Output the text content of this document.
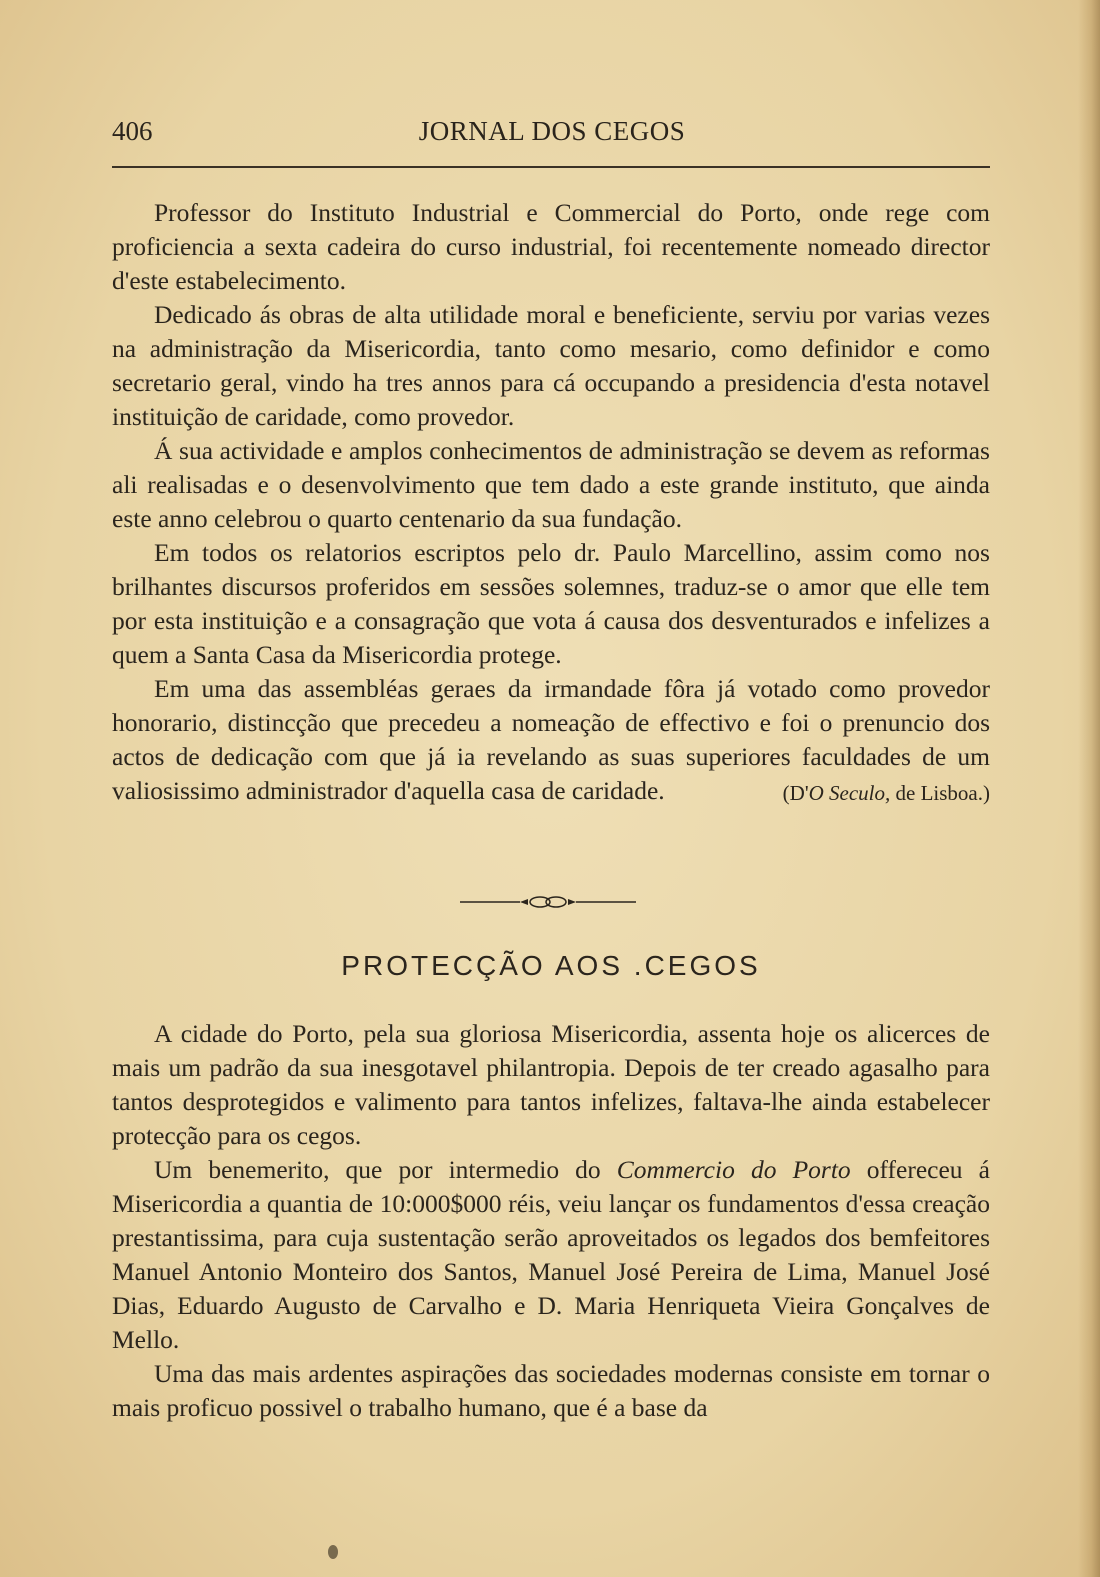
406	JORNAL DOS CEGOS

Professor do Instituto Industrial e Commercial do Porto, onde rege com proficiencia a sexta cadeira do curso industrial, foi recentemente nomeado director d'este estabelecimento.

Dedicado ás obras de alta utilidade moral e beneficiente, serviu por varias vezes na administração da Misericordia, tanto como mesario, como definidor e como secretario geral, vindo ha tres annos para cá occupando a presidencia d'esta notavel instituição de caridade, como provedor.

Á sua actividade e amplos conhecimentos de administração se devem as reformas ali realisadas e o desenvolvimento que tem dado a este grande instituto, que ainda este anno celebrou o quarto centenario da sua fundação.

Em todos os relatorios escriptos pelo dr. Paulo Marcellino, assim como nos brilhantes discursos proferidos em sessões solemnes, traduz-se o amor que elle tem por esta instituição e a consagração que vota á causa dos desventurados e infelizes a quem a Santa Casa da Misericordia protege.

Em uma das assembléas geraes da irmandade fôra já votado como provedor honorario, distincção que precedeu a nomeação de effectivo e foi o prenuncio dos actos de dedicação com que já ia revelando as suas superiores faculdades de um valiosissimo administrador d'aquella casa de caridade.	(D'O Seculo, de Lisboa.)

PROTECÇÃO AOS .CEGOS

A cidade do Porto, pela sua gloriosa Misericordia, assenta hoje os alicerces de mais um padrão da sua inesgotavel philantropia. Depois de ter creado agasalho para tantos desprotegidos e valimento para tantos infelizes, faltava-lhe ainda estabelecer protecção para os cegos.

Um benemerito, que por intermedio do Commercio do Porto offereceu á Misericordia a quantia de 10:000$000 réis, veiu lançar os fundamentos d'essa creação prestantissima, para cuja sustentação serão aproveitados os legados dos bemfeitores Manuel Antonio Monteiro dos Santos, Manuel José Pereira de Lima, Manuel José Dias, Eduardo Augusto de Carvalho e D. Maria Henriqueta Vieira Gonçalves de Mello.

Uma das mais ardentes aspirações das sociedades modernas consiste em tornar o mais proficuo possivel o trabalho humano, que é a base da
